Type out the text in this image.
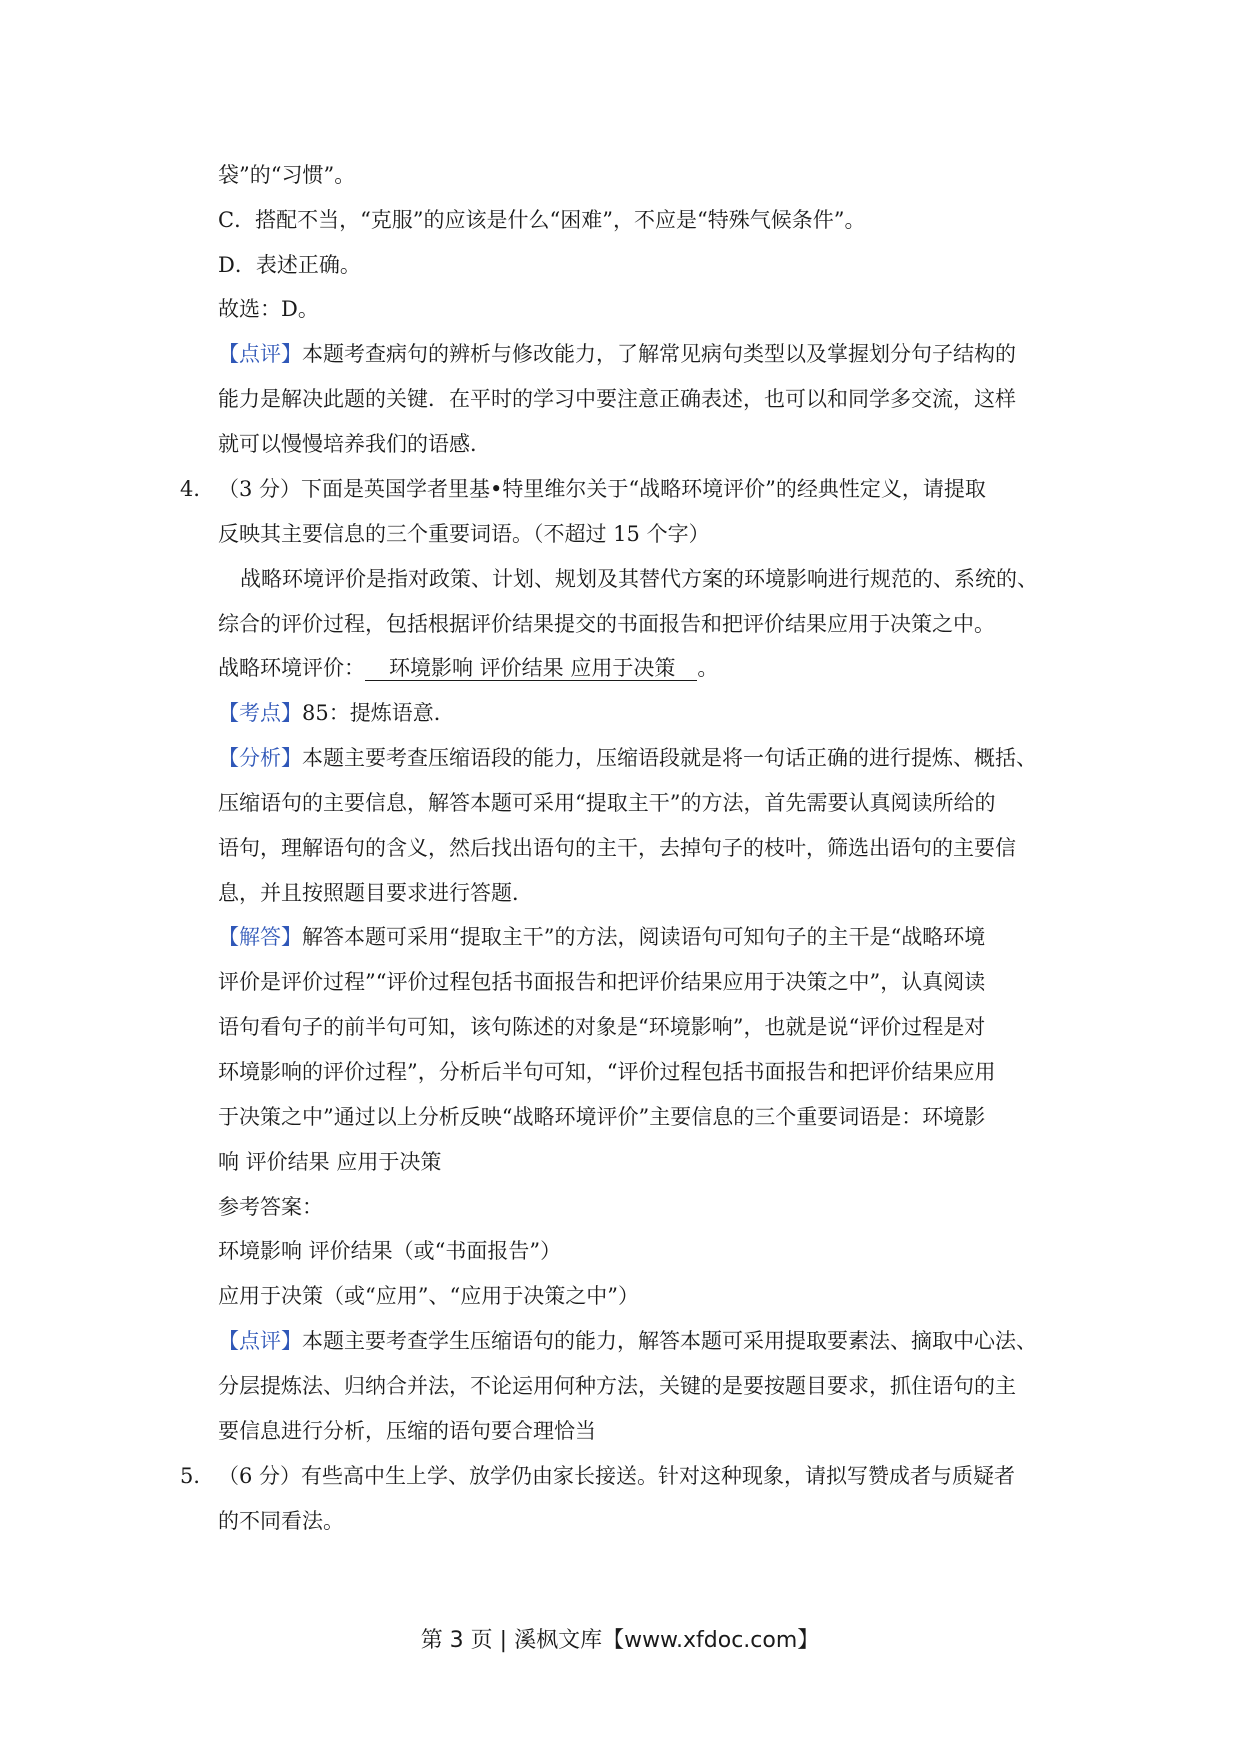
袋”的“习惯”。
C．搭配不当，“克服”的应该是什么“困难”，不应是“特殊气候条件”。
D．表述正确。
故选：D。
【点评】本题考查病句的辨析与修改能力，了解常见病句类型以及掌握划分句子结构的
能力是解决此题的关键．在平时的学习中要注意正确表述，也可以和同学多交流，这样
就可以慢慢培养我们的语感．
4． （3 分）下面是英国学者里基•特里维尔关于“战略环境评价”的经典性定义，请提取
反映其主要信息的三个重要词语。（不超过 15 个字）
战略环境评价是指对政策、计划、规划及其替代方案的环境影响进行规范的、系统的、
综合的评价过程，包括根据评价结果提交的书面报告和把评价结果应用于决策之中。
战略环境评价： 环境影响 评价结果 应用于决策 。
【考点】85：提炼语意．
【分析】本题主要考查压缩语段的能力，压缩语段就是将一句话正确的进行提炼、概括、
压缩语句的主要信息，解答本题可采用“提取主干”的方法，首先需要认真阅读所给的
语句，理解语句的含义，然后找出语句的主干，去掉句子的枝叶，筛选出语句的主要信
息，并且按照题目要求进行答题．
【解答】解答本题可采用“提取主干”的方法，阅读语句可知句子的主干是“战略环境
评价是评价过程”“评价过程包括书面报告和把评价结果应用于决策之中”，认真阅读
语句看句子的前半句可知，该句陈述的对象是“环境影响”，也就是说“评价过程是对
环境影响的评价过程”，分析后半句可知，“评价过程包括书面报告和把评价结果应用
于决策之中”通过以上分析反映“战略环境评价”主要信息的三个重要词语是：环境影
响 评价结果 应用于决策
参考答案：
环境影响 评价结果（或“书面报告”）
应用于决策（或“应用”、“应用于决策之中”）
【点评】本题主要考查学生压缩语句的能力，解答本题可采用提取要素法、摘取中心法、
分层提炼法、归纳合并法，不论运用何种方法，关键的是要按题目要求，抓住语句的主
要信息进行分析，压缩的语句要合理恰当
5． （6 分）有些高中生上学、放学仍由家长接送。针对这种现象，请拟写赞成者与质疑者
的不同看法。
第 3 页 | 溪枫文库【www.xfdoc.com】
